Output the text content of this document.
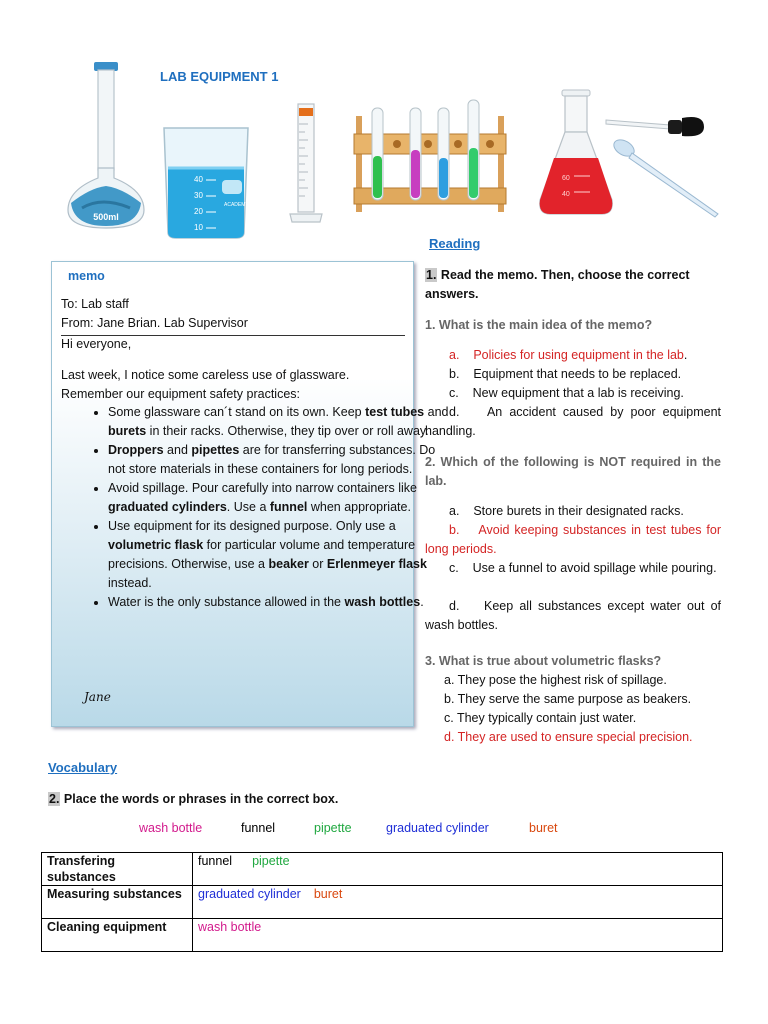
500ml
LAB EQUIPMENT 1
40
30
20
10
ACADEMY
60
40
Reading
memo
To: Lab staff
From: Jane Brian. Lab Supervisor
Hi everyone,
Last week, I notice some careless use of glassware.
Remember our equipment safety practices:
• Some glassware can´t stand on its own. Keep test tubes and burets in their racks. Otherwise, they tip over or roll away.
• Droppers and pipettes are for transferring substances. Do not store materials in these containers for long periods.
• Avoid spillage. Pour carefully into narrow containers like graduated cylinders. Use a funnel when appropriate.
• Use equipment for its designed purpose. Only use a volumetric flask for particular volume and temperature precisions. Otherwise, use a beaker or Erlenmeyer flask instead.
• Water is the only substance allowed in the wash bottles.
Jane
1. Read the memo. Then, choose the correct answers.
1. What is the main idea of the memo?
a. Policies for using equipment in the lab.
b. Equipment that needs to be replaced.
c. New equipment that a lab is receiving.
d. An accident caused by poor equipment handling.
2. Which of the following is NOT required in the lab.
a. Store burets in their designated racks.
b. Avoid keeping substances in test tubes for long periods.
c. Use a funnel to avoid spillage while pouring.
d. Keep all substances except water out of wash bottles.
3. What is true about volumetric flasks?
a. They pose the highest risk of spillage.
b. They serve the same purpose as beakers.
c. They typically contain just water.
d. They are used to ensure special precision.
Vocabulary
2. Place the words or phrases in the correct box.
wash bottle	funnel	pipette	graduated cylinder	buret
Transfering substances	funnel pipette
Measuring substances	graduated cylinder buret
Cleaning equipment	wash bottle
